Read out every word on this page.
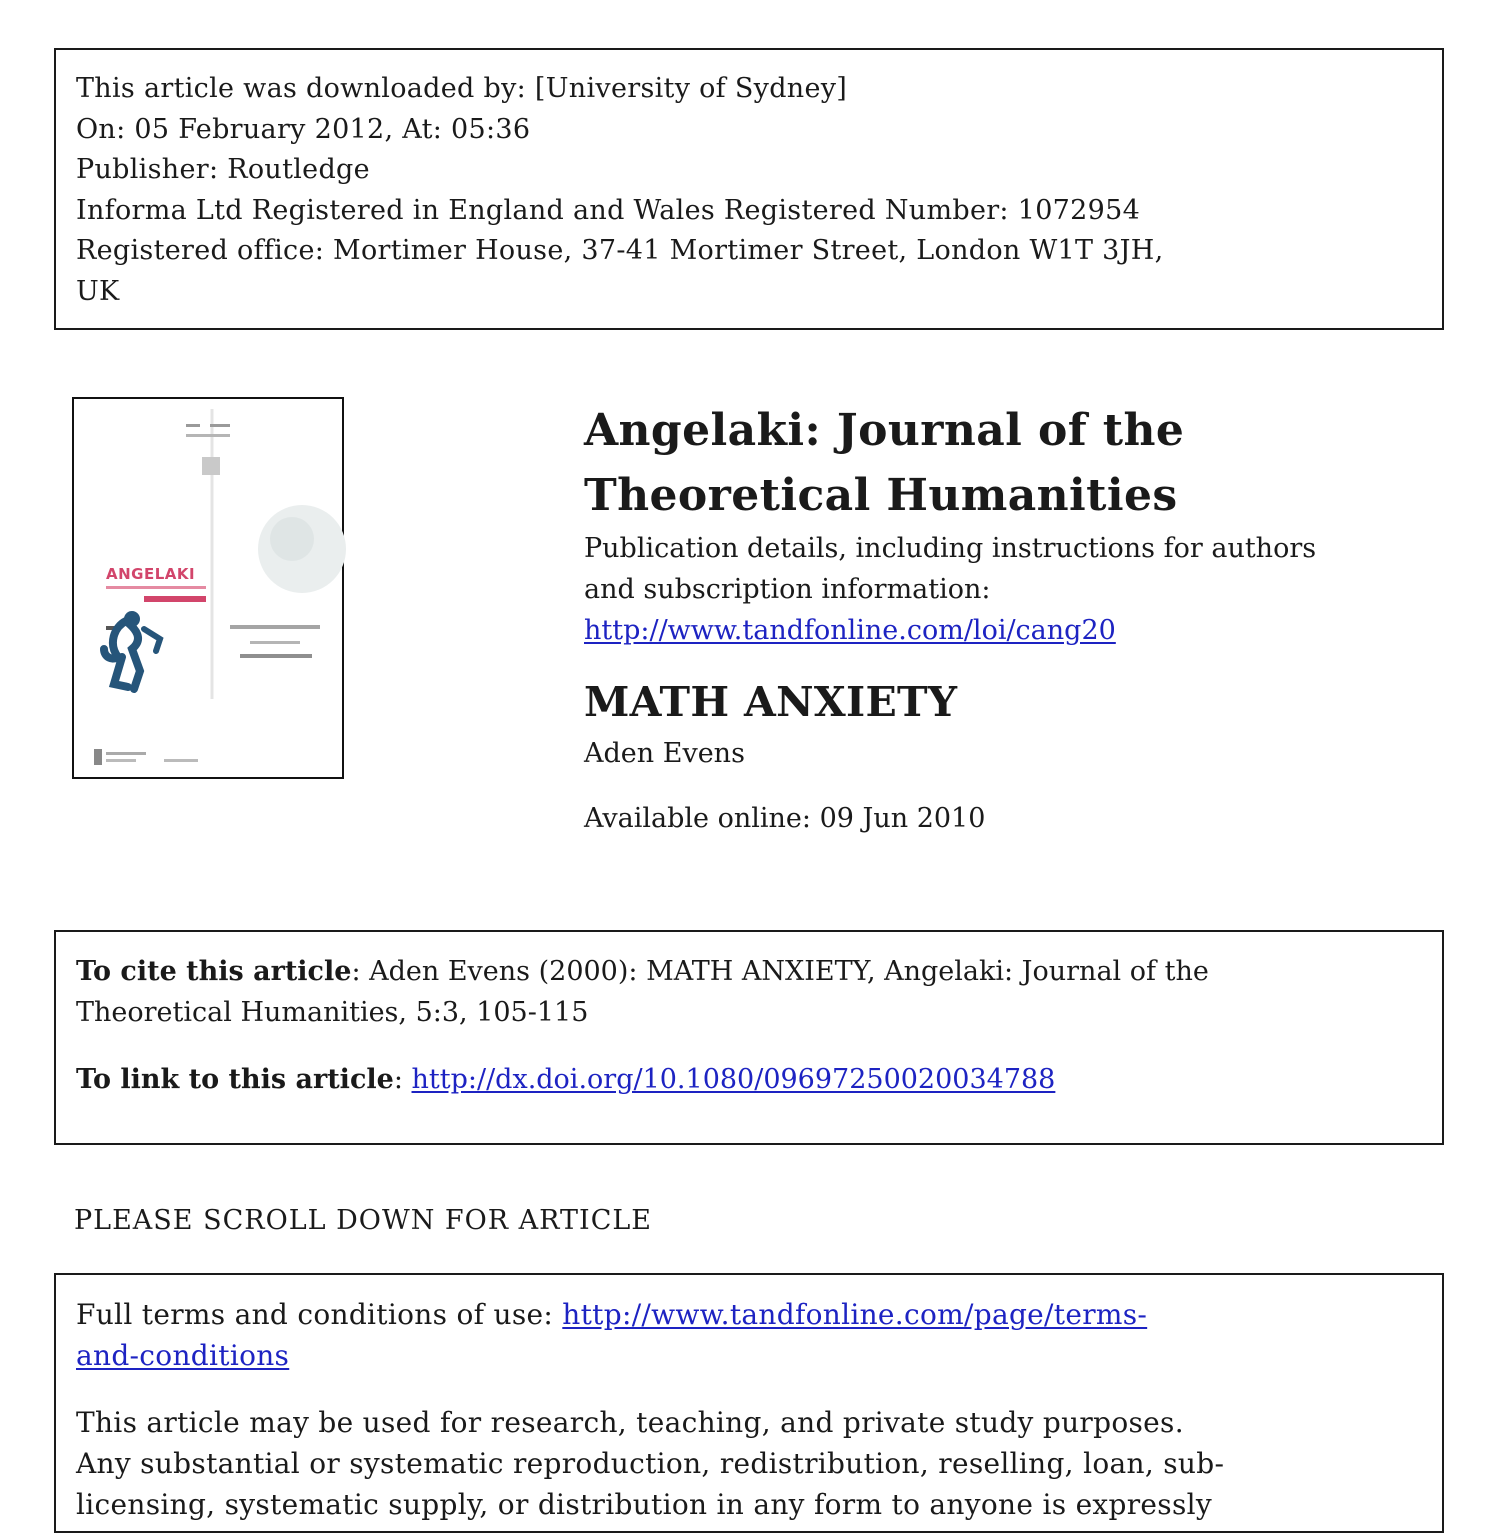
This article was downloaded by: [University of Sydney]
On: 05 February 2012, At: 05:36
Publisher: Routledge
Informa Ltd Registered in England and Wales Registered Number: 1072954
Registered office: Mortimer House, 37-41 Mortimer Street, London W1T 3JH,
UK
ANGELAKI
Angelaki: Journal of the
Theoretical Humanities

Publication details, including instructions for authors

and subscription information:

http://www.tandfonline.com/loi/cang20

MATH ANXIETY

Aden Evens

Available online: 09 Jun 2010

To cite this article: Aden Evens (2000): MATH ANXIETY, Angelaki: Journal of the

Theoretical Humanities, 5:3, 105-115

To link to this article: http://dx.doi.org/10.1080/09697250020034788
PLEASE SCROLL DOWN FOR ARTICLE

Full terms and conditions of use: http://www.tandfonline.com/page/terms-

and-conditions

This article may be used for research, teaching, and private study purposes.

Any substantial or systematic reproduction, redistribution, reselling, loan, sub-

licensing, systematic supply, or distribution in any form to anyone is expressly
